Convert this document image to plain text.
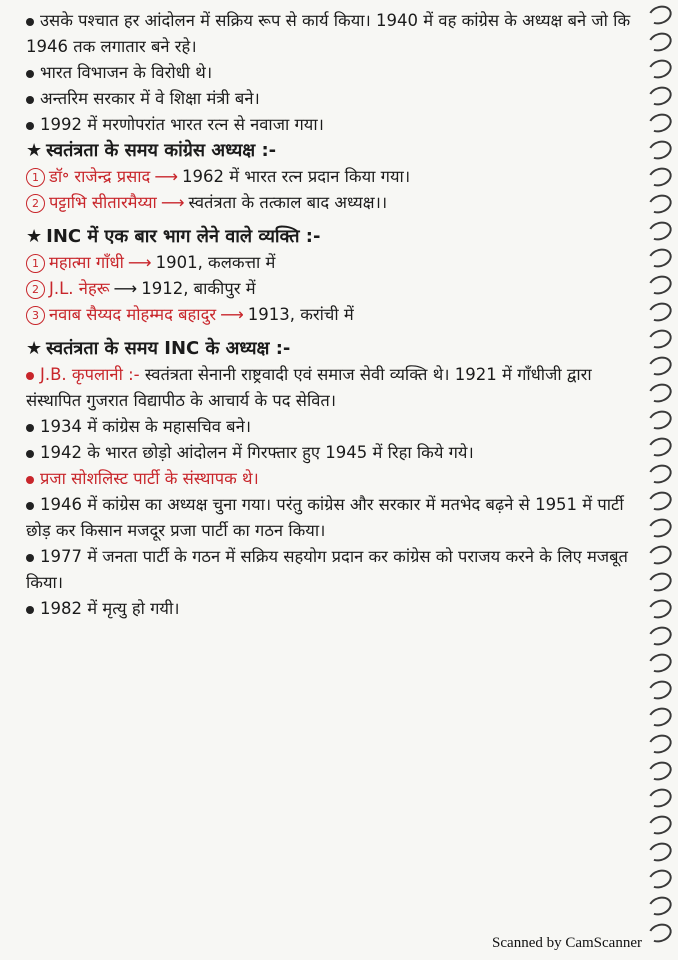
उसके पश्चात हर आंदोलन में सक्रिय रूप से कार्य किया। 1940 में वह कांग्रेस के अध्यक्ष बने जो कि 1946 तक लगातार बने रहे।
भारत विभाजन के विरोधी थे।
अन्तरिम सरकार में वे शिक्षा मंत्री बने।
1992 में मरणोपरांत भारत रत्न से नवाजा गया।
★ स्वतंत्रता के समय कांग्रेस अध्यक्ष :-
1 डॉ॰ राजेन्द्र प्रसाद ⟶ 1962 में भारत रत्न प्रदान किया गया।
2 पट्टाभि सीतारमैय्या ⟶ स्वतंत्रता के तत्काल बाद अध्यक्ष।।
★ INC में एक बार भाग लेने वाले व्यक्ति :-
1 महात्मा गाँधी ⟶ 1901, कलकत्ता में
2 J.L. नेहरू ⟶ 1912, बाकीपुर में
3 नवाब सैय्यद मोहम्मद बहादुर ⟶ 1913, करांची में
★ स्वतंत्रता के समय INC के अध्यक्ष :-
J.B. कृपलानी :- स्वतंत्रता सेनानी राष्ट्रवादी एवं समाज सेवी व्यक्ति थे। 1921 में गाँधीजी द्वारा संस्थापित गुजरात विद्यापीठ के आचार्य के पद सेवित।
1934 में कांग्रेस के महासचिव बने।
1942 के भारत छोड़ो आंदोलन में गिरफ्तार हुए 1945 में रिहा किये गये।
प्रजा सोशलिस्ट पार्टी के संस्थापक थे।
1946 में कांग्रेस का अध्यक्ष चुना गया। परंतु कांग्रेस और सरकार में मतभेद बढ़ने से 1951 में पार्टी छोड़ कर किसान मजदूर प्रजा पार्टी का गठन किया।
1977 में जनता पार्टी के गठन में सक्रिय सहयोग प्रदान कर कांग्रेस को पराजय करने के लिए मजबूत किया।
1982 में मृत्यु हो गयी।
Scanned by CamScanner
